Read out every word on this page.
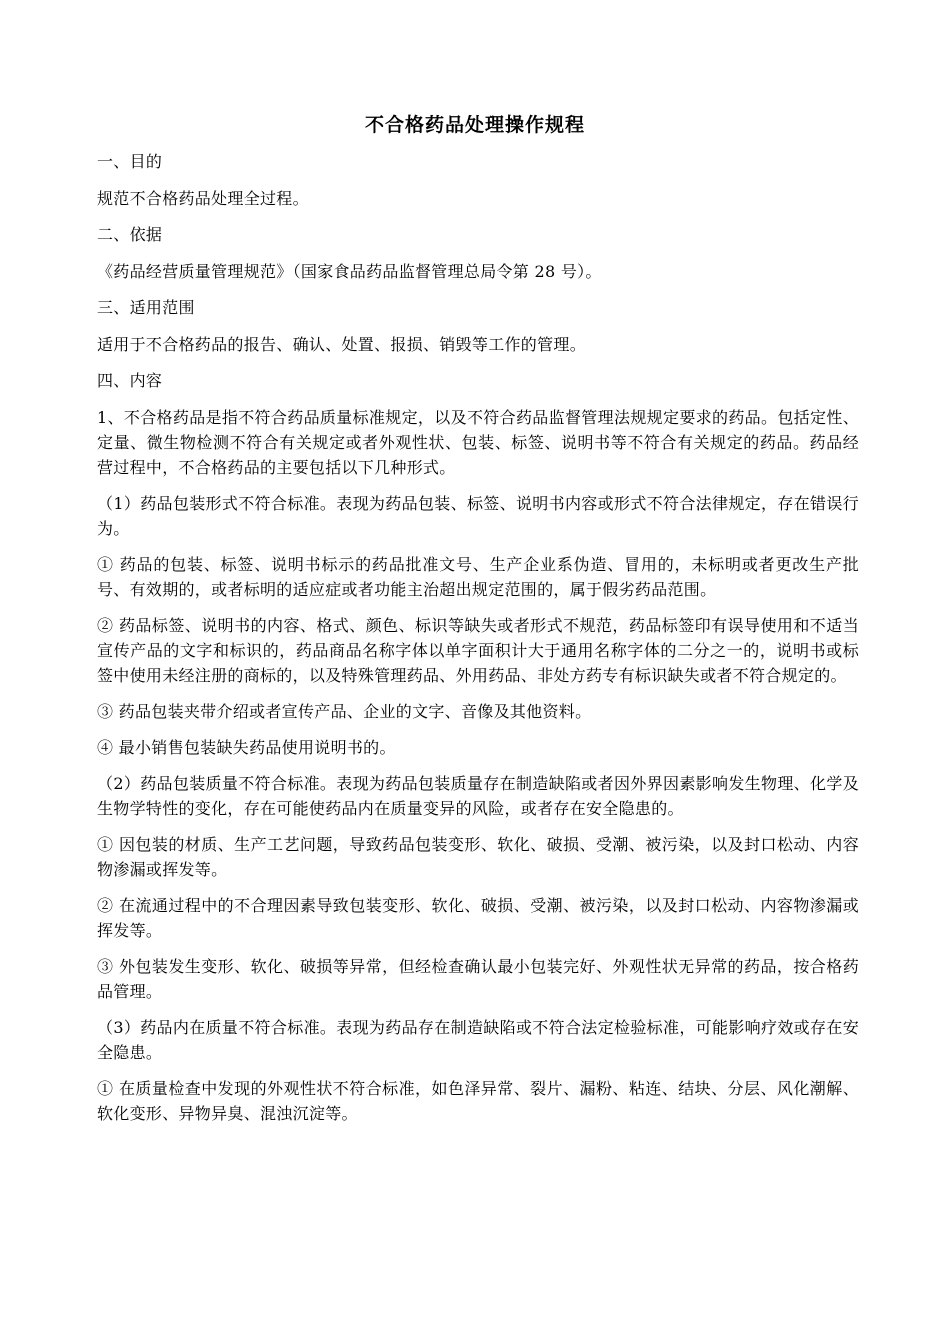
不合格药品处理操作规程

一、目的

规范不合格药品处理全过程。

二、依据

《药品经营质量管理规范》（国家食品药品监督管理总局令第 28 号）。

三、适用范围

适用于不合格药品的报告、确认、处置、报损、销毁等工作的管理。

四、内容

1、不合格药品是指不符合药品质量标准规定，以及不符合药品监督管理法规规定要求的药品。包括定性、定量、微生物检测不符合有关规定或者外观性状、包装、标签、说明书等不符合有关规定的药品。药品经营过程中，不合格药品的主要包括以下几种形式。

（1）药品包装形式不符合标准。表现为药品包装、标签、说明书内容或形式不符合法律规定，存在错误行为。

① 药品的包装、标签、说明书标示的药品批准文号、生产企业系伪造、冒用的，未标明或者更改生产批号、有效期的，或者标明的适应症或者功能主治超出规定范围的，属于假劣药品范围。

② 药品标签、说明书的内容、格式、颜色、标识等缺失或者形式不规范，药品标签印有误导使用和不适当宣传产品的文字和标识的，药品商品名称字体以单字面积计大于通用名称字体的二分之一的，说明书或标签中使用未经注册的商标的，以及特殊管理药品、外用药品、非处方药专有标识缺失或者不符合规定的。

③ 药品包装夹带介绍或者宣传产品、企业的文字、音像及其他资料。

④ 最小销售包装缺失药品使用说明书的。

（2）药品包装质量不符合标准。表现为药品包装质量存在制造缺陷或者因外界因素影响发生物理、化学及生物学特性的变化，存在可能使药品内在质量变异的风险，或者存在安全隐患的。

① 因包装的材质、生产工艺问题，导致药品包装变形、软化、破损、受潮、被污染，以及封口松动、内容物渗漏或挥发等。

② 在流通过程中的不合理因素导致包装变形、软化、破损、受潮、被污染，以及封口松动、内容物渗漏或挥发等。

③ 外包装发生变形、软化、破损等异常，但经检查确认最小包装完好、外观性状无异常的药品，按合格药品管理。

（3）药品内在质量不符合标准。表现为药品存在制造缺陷或不符合法定检验标准，可能影响疗效或存在安全隐患。

① 在质量检查中发现的外观性状不符合标准，如色泽异常、裂片、漏粉、粘连、结块、分层、风化潮解、软化变形、异物异臭、混浊沉淀等。
